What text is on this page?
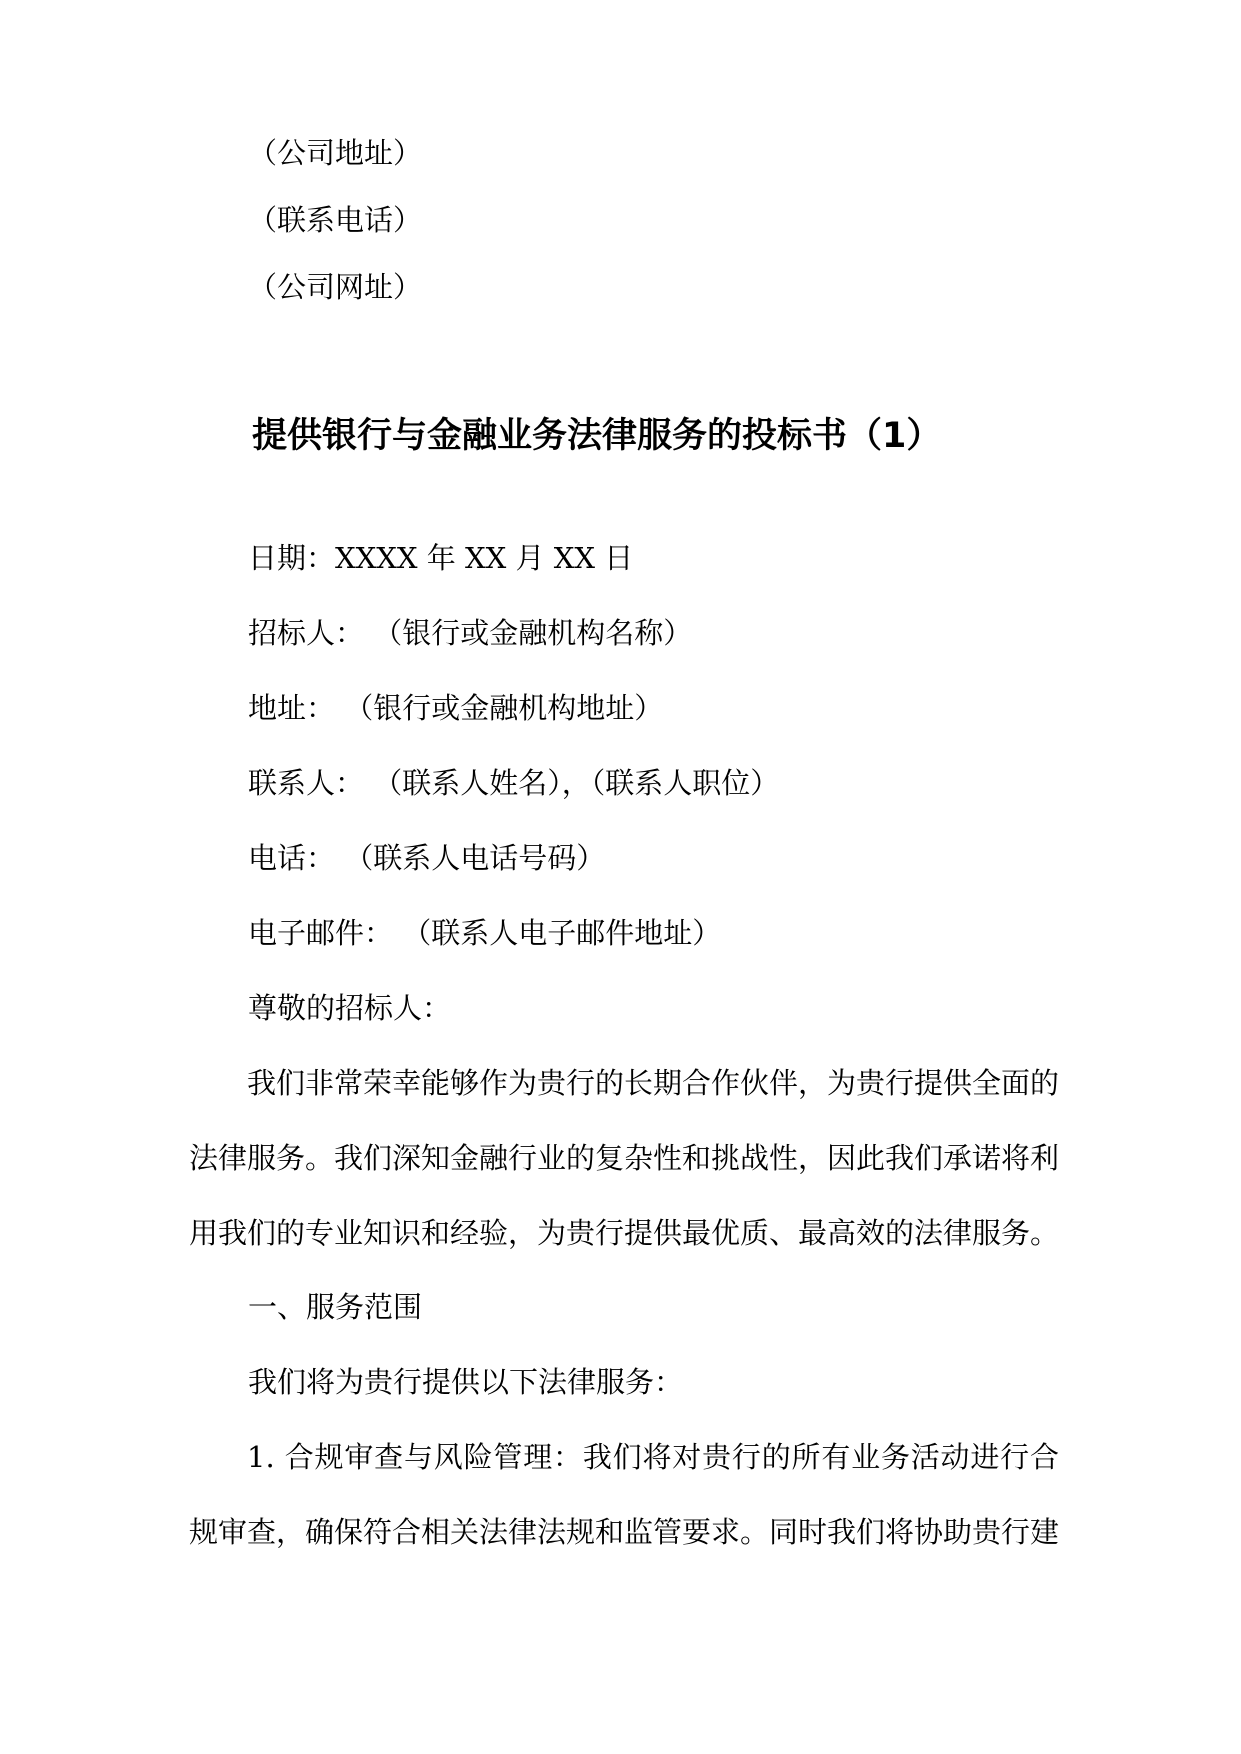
（公司地址）
（联系电话）
（公司网址）
提供银行与金融业务法律服务的投标书（1）
日期：XXXX 年 XX 月 XX 日
招标人： （银行或金融机构名称）
地址： （银行或金融机构地址）
联系人： （联系人姓名），（联系人职位）
电话： （联系人电话号码）
电子邮件： （联系人电子邮件地址）
尊敬的招标人：
我们非常荣幸能够作为贵行的长期合作伙伴，为贵行提供全面的法律服务。我们深知金融行业的复杂性和挑战性，因此我们承诺将利用我们的专业知识和经验，为贵行提供最优质、最高效的法律服务。
一、服务范围
我们将为贵行提供以下法律服务：
1. 合规审查与风险管理：我们将对贵行的所有业务活动进行合规审查，确保符合相关法律法规和监管要求。同时我们将协助贵行建
